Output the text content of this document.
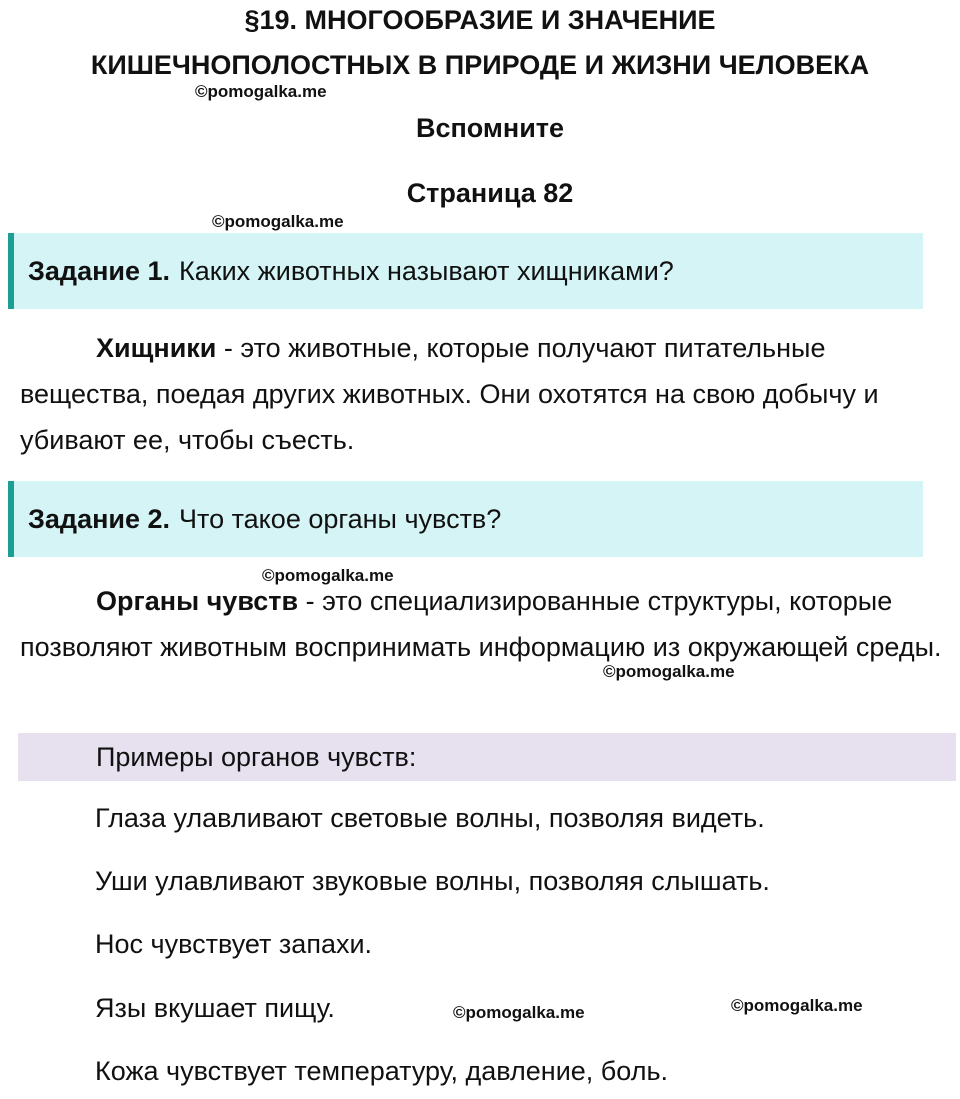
§19. МНОГООБРАЗИЕ И ЗНАЧЕНИЕ
КИШЕЧНОПОЛОСТНЫХ В ПРИРОДЕ И ЖИЗНИ ЧЕЛОВЕКА
©pomogalka.me
©pomogalka.me
©pomogalka.me
©pomogalka.me
©pomogalka.me	©pomogalka.me
Вспомните
Страница 82
Задание 1. Каких животных называют хищниками?
Хищники - это животные, которые получают питательные вещества, поедая других животных. Они охотятся на свою добычу и убивают ее, чтобы съесть.
Задание 2. Что такое органы чувств?
Органы чувств - это специализированные структуры, которые позволяют животным воспринимать информацию из окружающей среды.
Примеры органов чувств:
Глаза улавливают световые волны, позволяя видеть.
Уши улавливают звуковые волны, позволяя слышать.
Нос чувствует запахи.
Язы вкушает пищу.
Кожа чувствует температуру, давление, боль.
